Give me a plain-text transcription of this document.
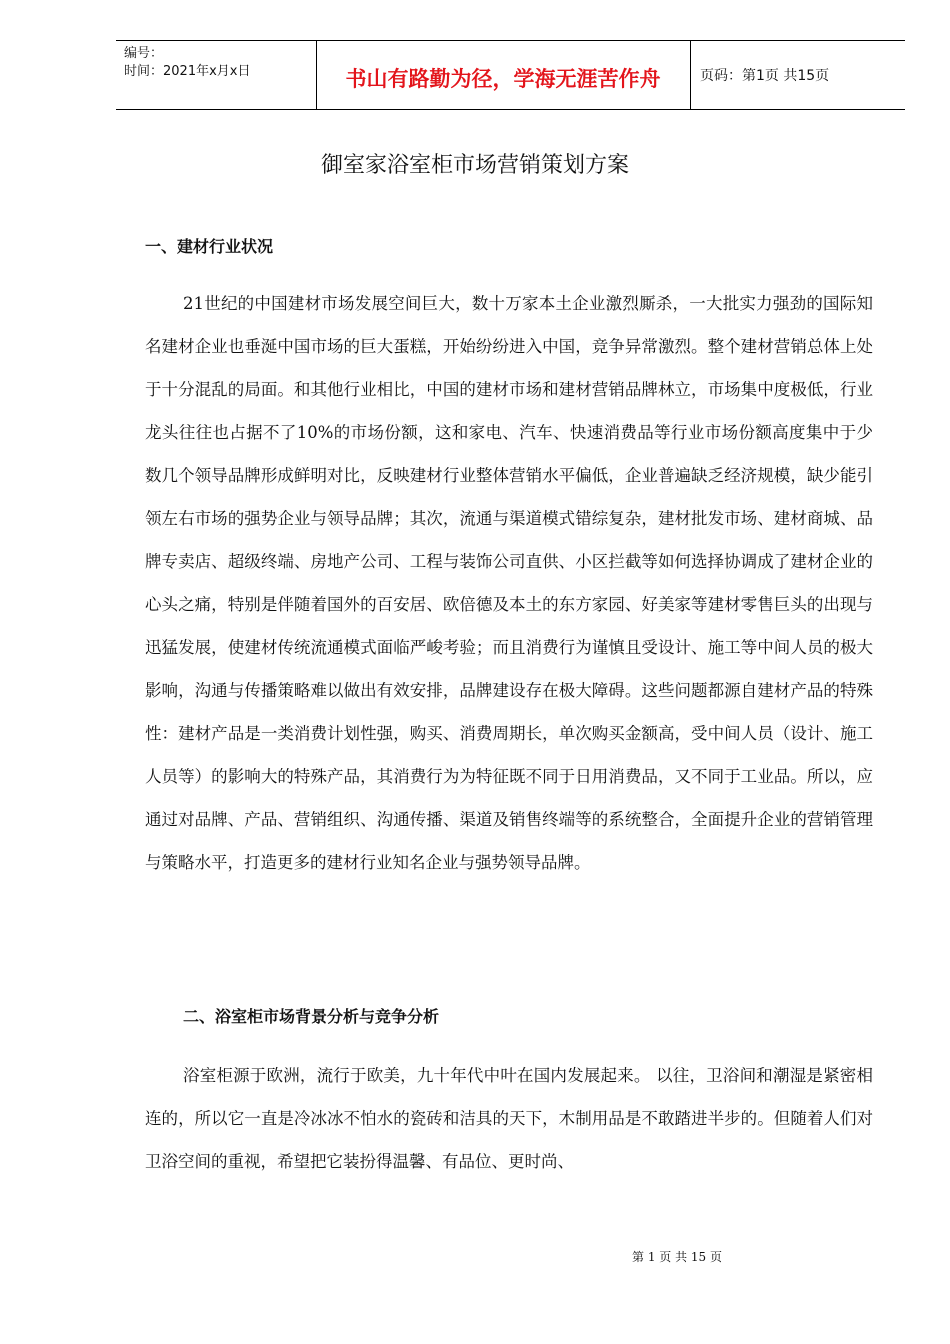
编号：
时间：2021年x月x日	书山有路勤为径，学海无涯苦作舟	页码：第1页 共15页
御室家浴室柜市场营销策划方案
一、建材行业状况

21世纪的中国建材市场发展空间巨大，数十万家本土企业激烈厮杀，一大批实力强劲的国际知名建材企业也垂涎中国市场的巨大蛋糕，开始纷纷进入中国，竞争异常激烈。整个建材营销总体上处于十分混乱的局面。和其他行业相比，中国的建材市场和建材营销品牌林立，市场集中度极低，行业龙头往往也占据不了10%的市场份额，这和家电、汽车、快速消费品等行业市场份额高度集中于少数几个领导品牌形成鲜明对比，反映建材行业整体营销水平偏低，企业普遍缺乏经济规模，缺少能引领左右市场的强势企业与领导品牌；其次，流通与渠道模式错综复杂，建材批发市场、建材商城、品牌专卖店、超级终端、房地产公司、工程与装饰公司直供、小区拦截等如何选择协调成了建材企业的心头之痛，特别是伴随着国外的百安居、欧倍德及本土的东方家园、好美家等建材零售巨头的出现与迅猛发展，使建材传统流通模式面临严峻考验；而且消费行为谨慎且受设计、施工等中间人员的极大影响，沟通与传播策略难以做出有效安排，品牌建设存在极大障碍。这些问题都源自建材产品的特殊性：建材产品是一类消费计划性强，购买、消费周期长，单次购买金额高，受中间人员（设计、施工人员等）的影响大的特殊产品，其消费行为为特征既不同于日用消费品，又不同于工业品。所以，应通过对品牌、产品、营销组织、沟通传播、渠道及销售终端等的系统整合，全面提升企业的营销管理与策略水平，打造更多的建材行业知名企业与强势领导品牌。

二、浴室柜市场背景分析与竞争分析

浴室柜源于欧洲，流行于欧美，九十年代中叶在国内发展起来。 以往，卫浴间和潮湿是紧密相连的，所以它一直是冷冰冰不怕水的瓷砖和洁具的天下，木制用品是不敢踏进半步的。但随着人们对卫浴空间的重视，希望把它装扮得温馨、有品位、更时尚、

第 1 页 共 15 页
